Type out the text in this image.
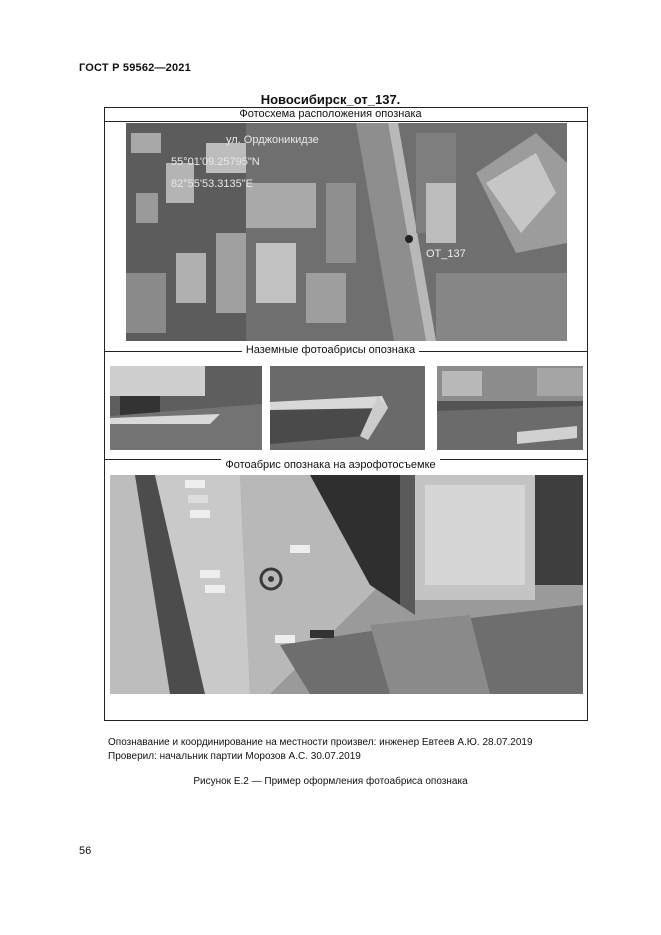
ГОСТ Р 59562—2021
Новосибирск_от_137.
Фотосхема расположения опознака
Наземные фотоабрисы опознака
Фотоабрис опознака на аэрофотосъемке
ул. Орджоникидзе
55°01'09.25795"N
82°55'53.3135"E
ОТ_137
Опознавание и координирование на местности произвел: инженер Евтеев А.Ю. 28.07.2019
Проверил: начальник партии Морозов А.С. 30.07.2019
Рисунок Е.2 — Пример оформления фотоабриса опознака
56
